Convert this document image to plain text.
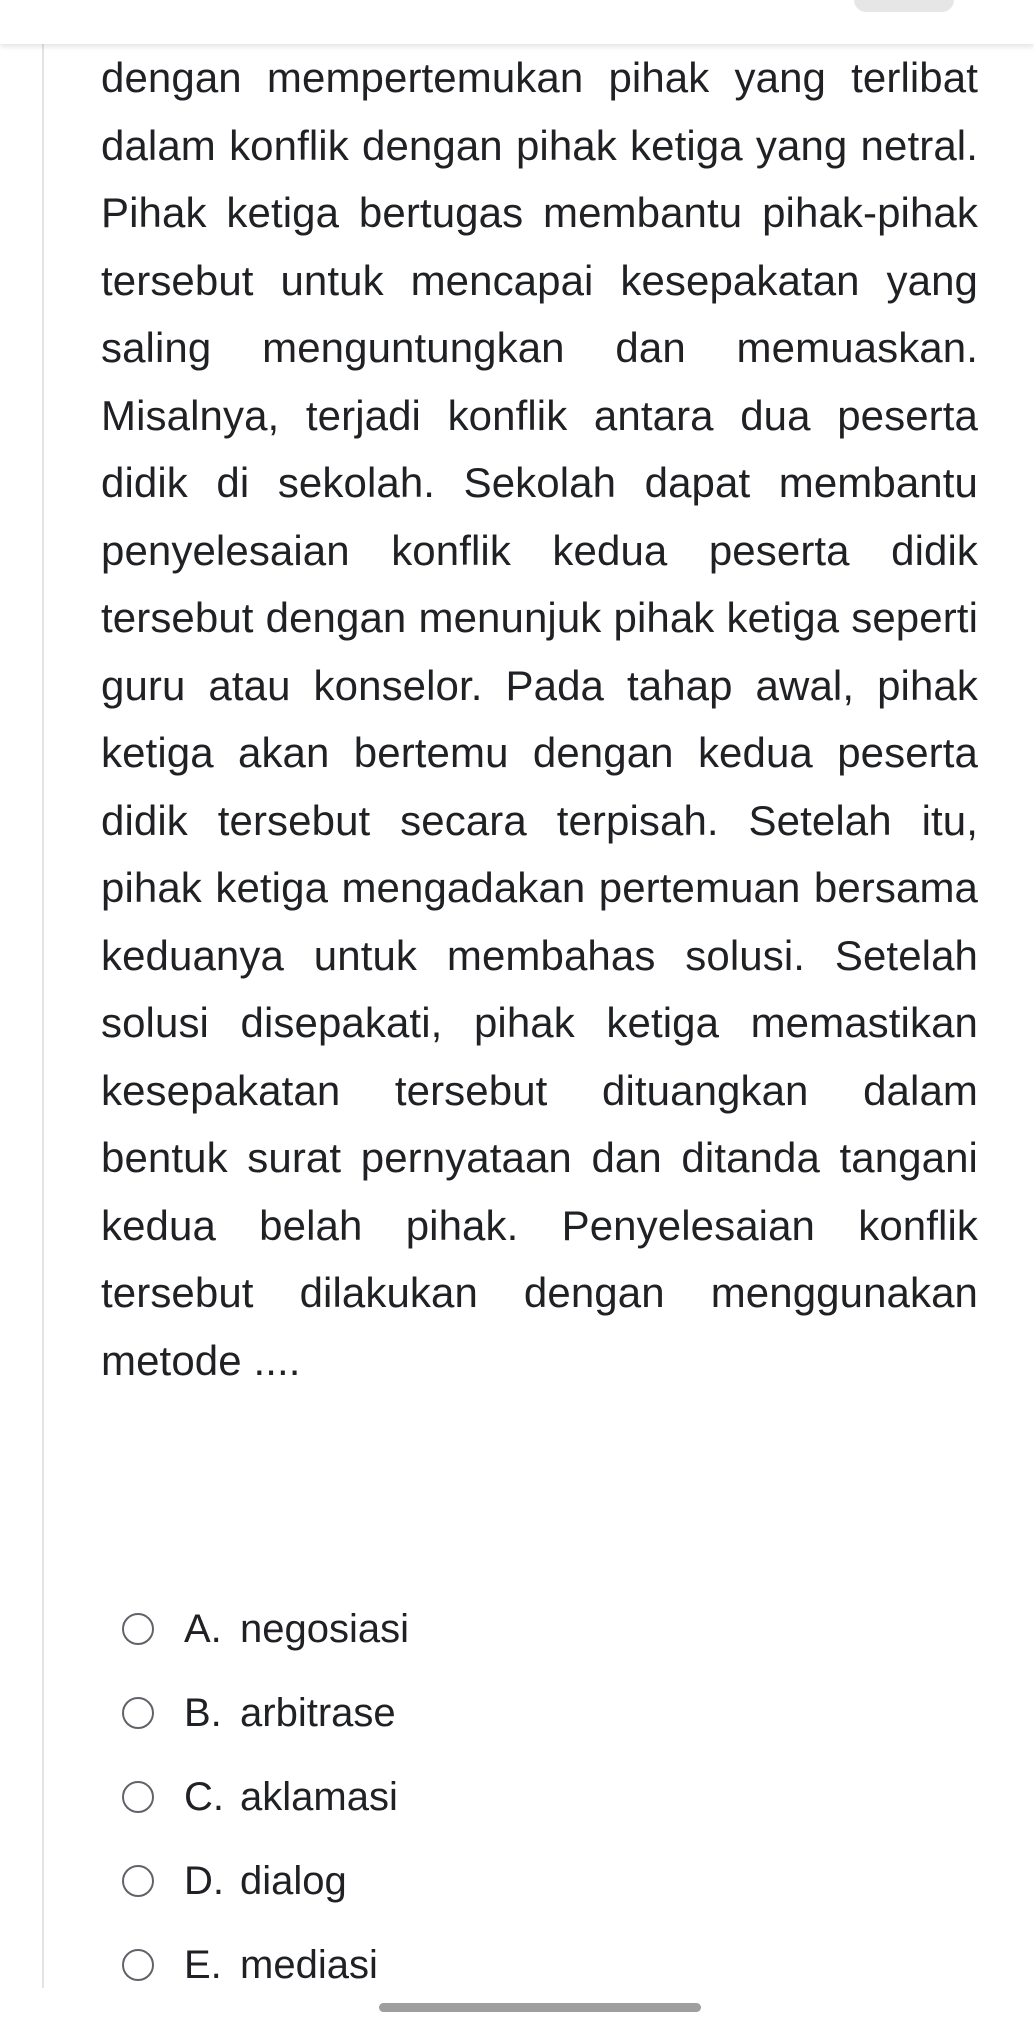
dengan mempertemukan pihak yang terlibat dalam konflik dengan pihak ketiga yang netral. Pihak ketiga bertugas membantu pihak-pihak tersebut untuk mencapai kesepakatan yang saling menguntungkan dan memuaskan. Misalnya, terjadi konflik antara dua peserta didik di sekolah. Sekolah dapat membantu penyelesaian konflik kedua peserta didik tersebut dengan menunjuk pihak ketiga seperti guru atau konselor. Pada tahap awal, pihak ketiga akan bertemu dengan kedua peserta didik tersebut secara terpisah. Setelah itu, pihak ketiga mengadakan pertemuan bersama keduanya untuk membahas solusi. Setelah solusi disepakati, pihak ketiga memastikan kesepakatan tersebut dituangkan dalam bentuk surat pernyataan dan ditanda tangani kedua belah pihak. Penyelesaian konflik tersebut dilakukan dengan menggunakan metode ....

A. negosiasi
B. arbitrase
C. aklamasi
D. dialog
E. mediasi
